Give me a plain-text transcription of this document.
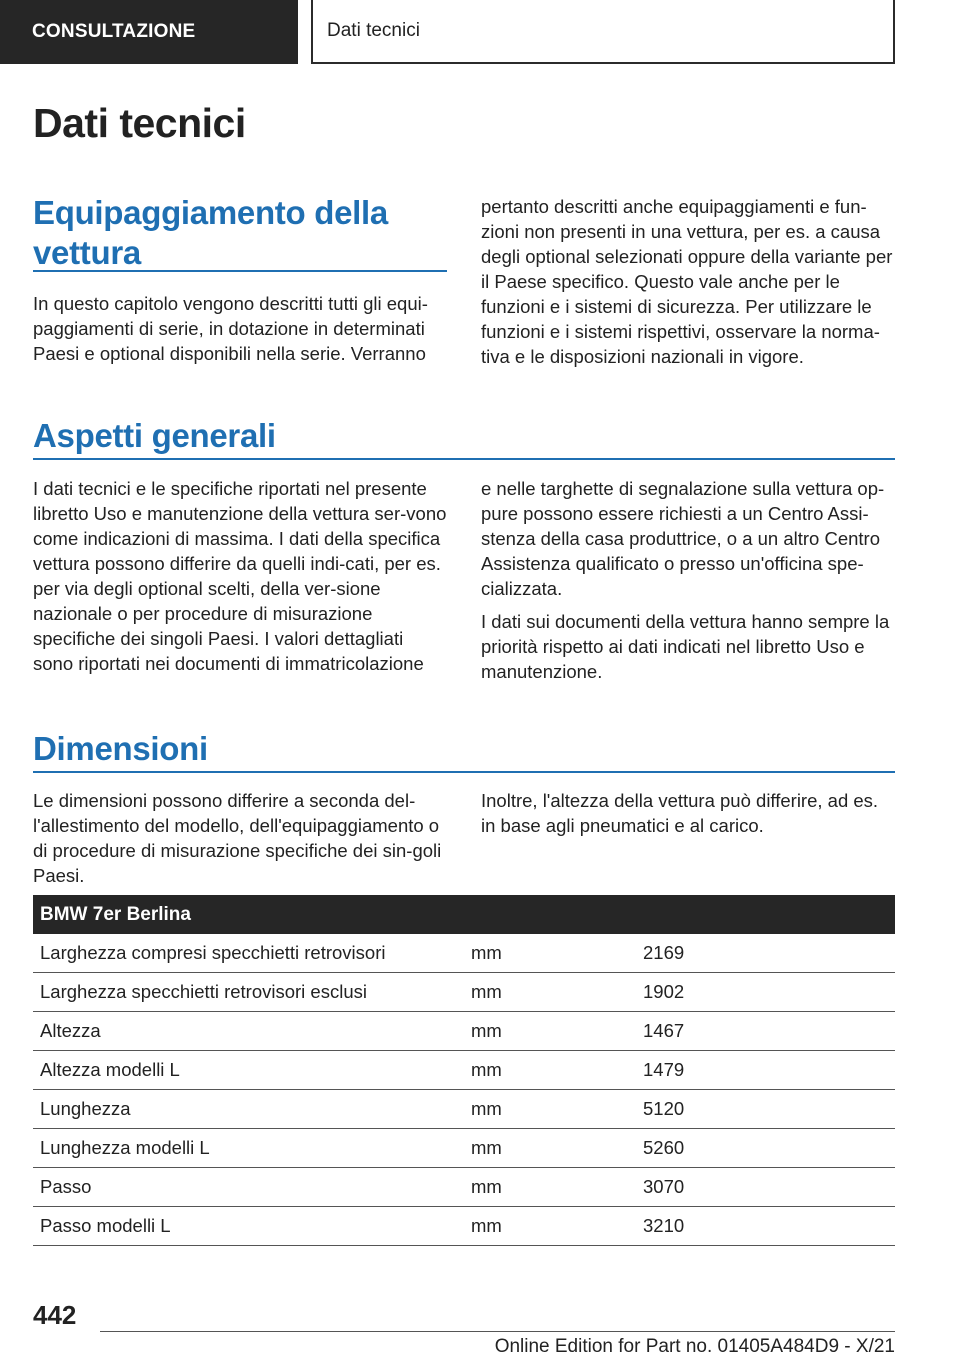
CONSULTAZIONE	Dati tecnici
Dati tecnici
Equipaggiamento della
vettura

In questo capitolo vengono descritti tutti gli equi-paggiamenti di serie, in dotazione in determinati Paesi e optional disponibili nella serie. Verranno

pertanto descritti anche equipaggiamenti e fun-zioni non presenti in una vettura, per es. a causa degli optional selezionati oppure della variante per il Paese specifico. Questo vale anche per le funzioni e i sistemi di sicurezza. Per utilizzare le funzioni e i sistemi rispettivi, osservare la norma-tiva e le disposizioni nazionali in vigore.

Aspetti generali

I dati tecnici e le specifiche riportati nel presente libretto Uso e manutenzione della vettura ser-vono come indicazioni di massima. I dati della specifica vettura possono differire da quelli indi-cati, per es. per via degli optional scelti, della ver-sione nazionale o per procedure di misurazione specifiche dei singoli Paesi. I valori dettagliati sono riportati nei documenti di immatricolazione

e nelle targhette di segnalazione sulla vettura op-pure possono essere richiesti a un Centro Assi-stenza della casa produttrice, o a un altro Centro Assistenza qualificato o presso un'officina spe-cializzata.

I dati sui documenti della vettura hanno sempre la priorità rispetto ai dati indicati nel libretto Uso e manutenzione.

Dimensioni

Le dimensioni possono differire a seconda del-l'allestimento del modello, dell'equipaggiamento o di procedure di misurazione specifiche dei sin-goli Paesi.

Inoltre, l'altezza della vettura può differire, ad es. in base agli pneumatici e al carico.

BMW 7er Berlina		
Larghezza compresi specchietti retrovisori	mm	2169
Larghezza specchietti retrovisori esclusi	mm	1902
Altezza	mm	1467
Altezza modelli L	mm	1479
Lunghezza	mm	5120
Lunghezza modelli L	mm	5260
Passo	mm	3070
Passo modelli L	mm	3210
442
Online Edition for Part no. 01405A484D9 - X/21
